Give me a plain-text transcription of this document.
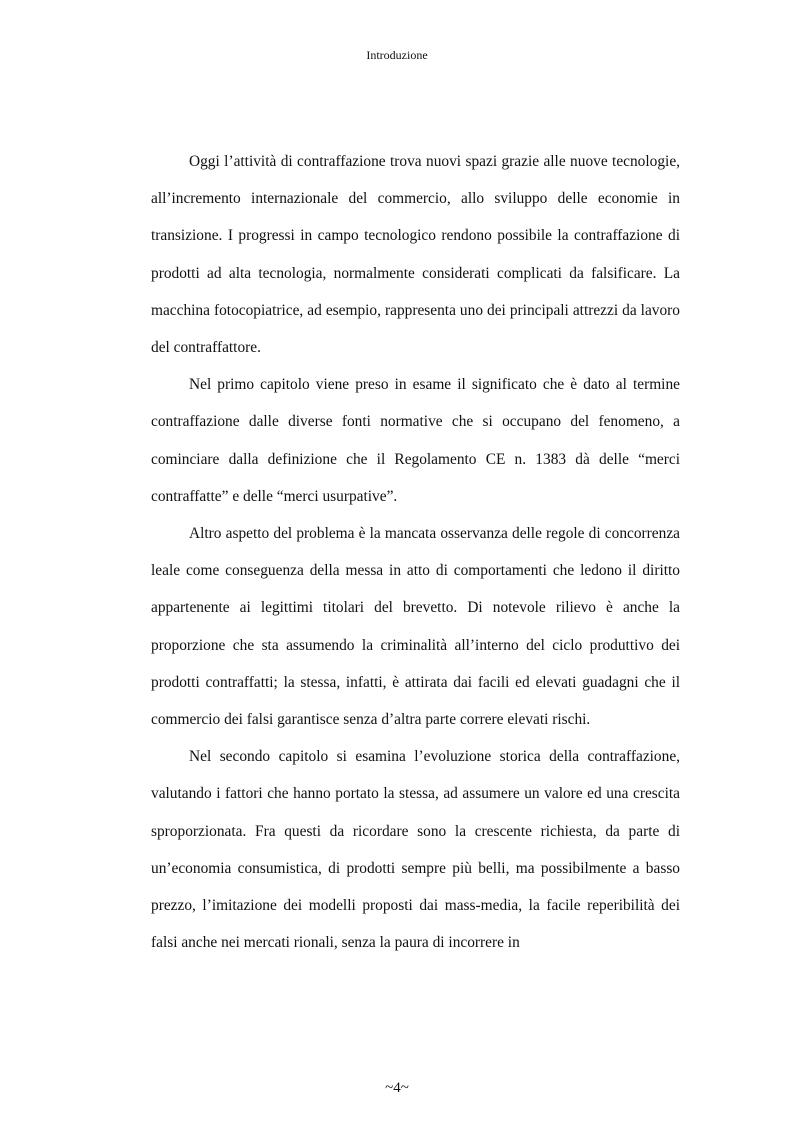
Introduzione

Oggi l’attività di contraffazione trova nuovi spazi grazie alle nuove tecnologie, all’incremento internazionale del commercio, allo sviluppo delle economie in transizione. I progressi in campo tecnologico rendono possibile la contraffazione di prodotti ad alta tecnologia, normalmente considerati complicati da falsificare. La macchina fotocopiatrice, ad esempio, rappresenta uno dei principali attrezzi da lavoro del contraffattore.

Nel primo capitolo viene preso in esame il significato che è dato al termine contraffazione dalle diverse fonti normative che si occupano del fenomeno, a cominciare dalla definizione che il Regolamento CE n. 1383 dà delle “merci contraffatte” e delle “merci usurpative”.

Altro aspetto del problema è la mancata osservanza delle regole di concorrenza leale come conseguenza della messa in atto di comportamenti che ledono il diritto appartenente ai legittimi titolari del brevetto. Di notevole rilievo è anche la proporzione che sta assumendo la criminalità all’interno del ciclo produttivo dei prodotti contraffatti; la stessa, infatti, è attirata dai facili ed elevati guadagni che il commercio dei falsi garantisce senza d’altra parte correre elevati rischi.

Nel secondo capitolo si esamina l’evoluzione storica della contraffazione, valutando i fattori che hanno portato la stessa, ad assumere un valore ed una crescita sproporzionata. Fra questi da ricordare sono la crescente richiesta, da parte di un’economia consumistica, di prodotti sempre più belli, ma possibilmente a basso prezzo, l’imitazione dei modelli proposti dai mass-media, la facile reperibilità dei falsi anche nei mercati rionali, senza la paura di incorrere in

~4~
